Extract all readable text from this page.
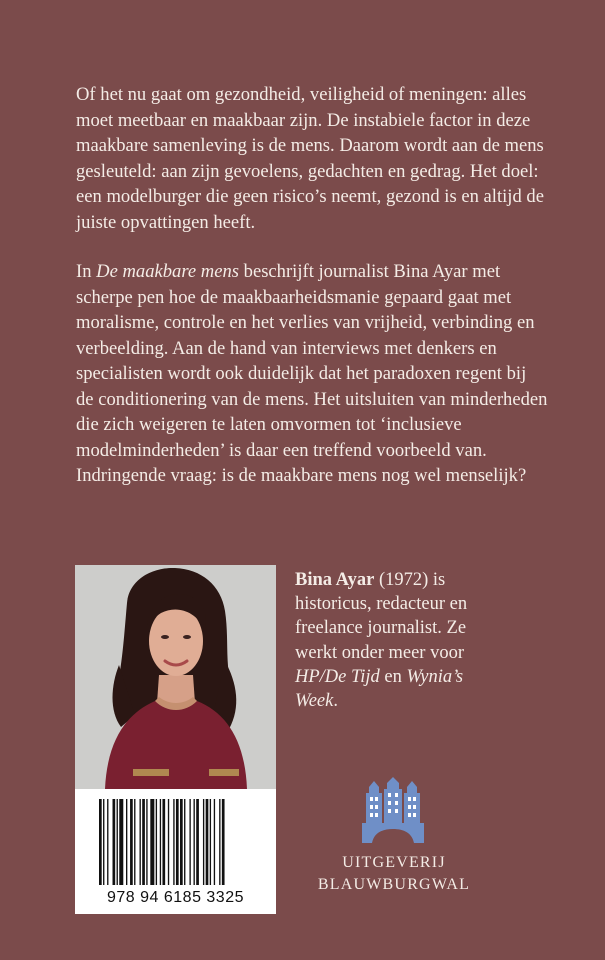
Of het nu gaat om gezondheid, veiligheid of meningen: alles moet meetbaar en maakbaar zijn. De instabiele factor in deze maakbare samenleving is de mens. Daarom wordt aan de mens gesleuteld: aan zijn gevoelens, gedachten en gedrag. Het doel: een modelburger die geen risico’s neemt, gezond is en altijd de juiste opvattingen heeft.

In De maakbare mens beschrijft journalist Bina Ayar met scherpe pen hoe de maakbaarheidsmanie gepaard gaat met moralisme, controle en het verlies van vrijheid, verbinding en verbeelding. Aan de hand van interviews met denkers en specialisten wordt ook duidelijk dat het paradoxen regent bij de conditionering van de mens. Het uitsluiten van minderheden die zich weigeren te laten omvormen tot ‘inclusieve modelminderheden’ is daar een treffend voorbeeld van. Indringende vraag: is de maakbare mens nog wel menselijk?

978 94 6185 3325
Bina Ayar (1972) is historicus, redacteur en freelance journalist. Ze werkt onder meer voor HP/De Tijd en Wynia’s Week.
UITGEVERIJ
BLAUWBURGWAL
